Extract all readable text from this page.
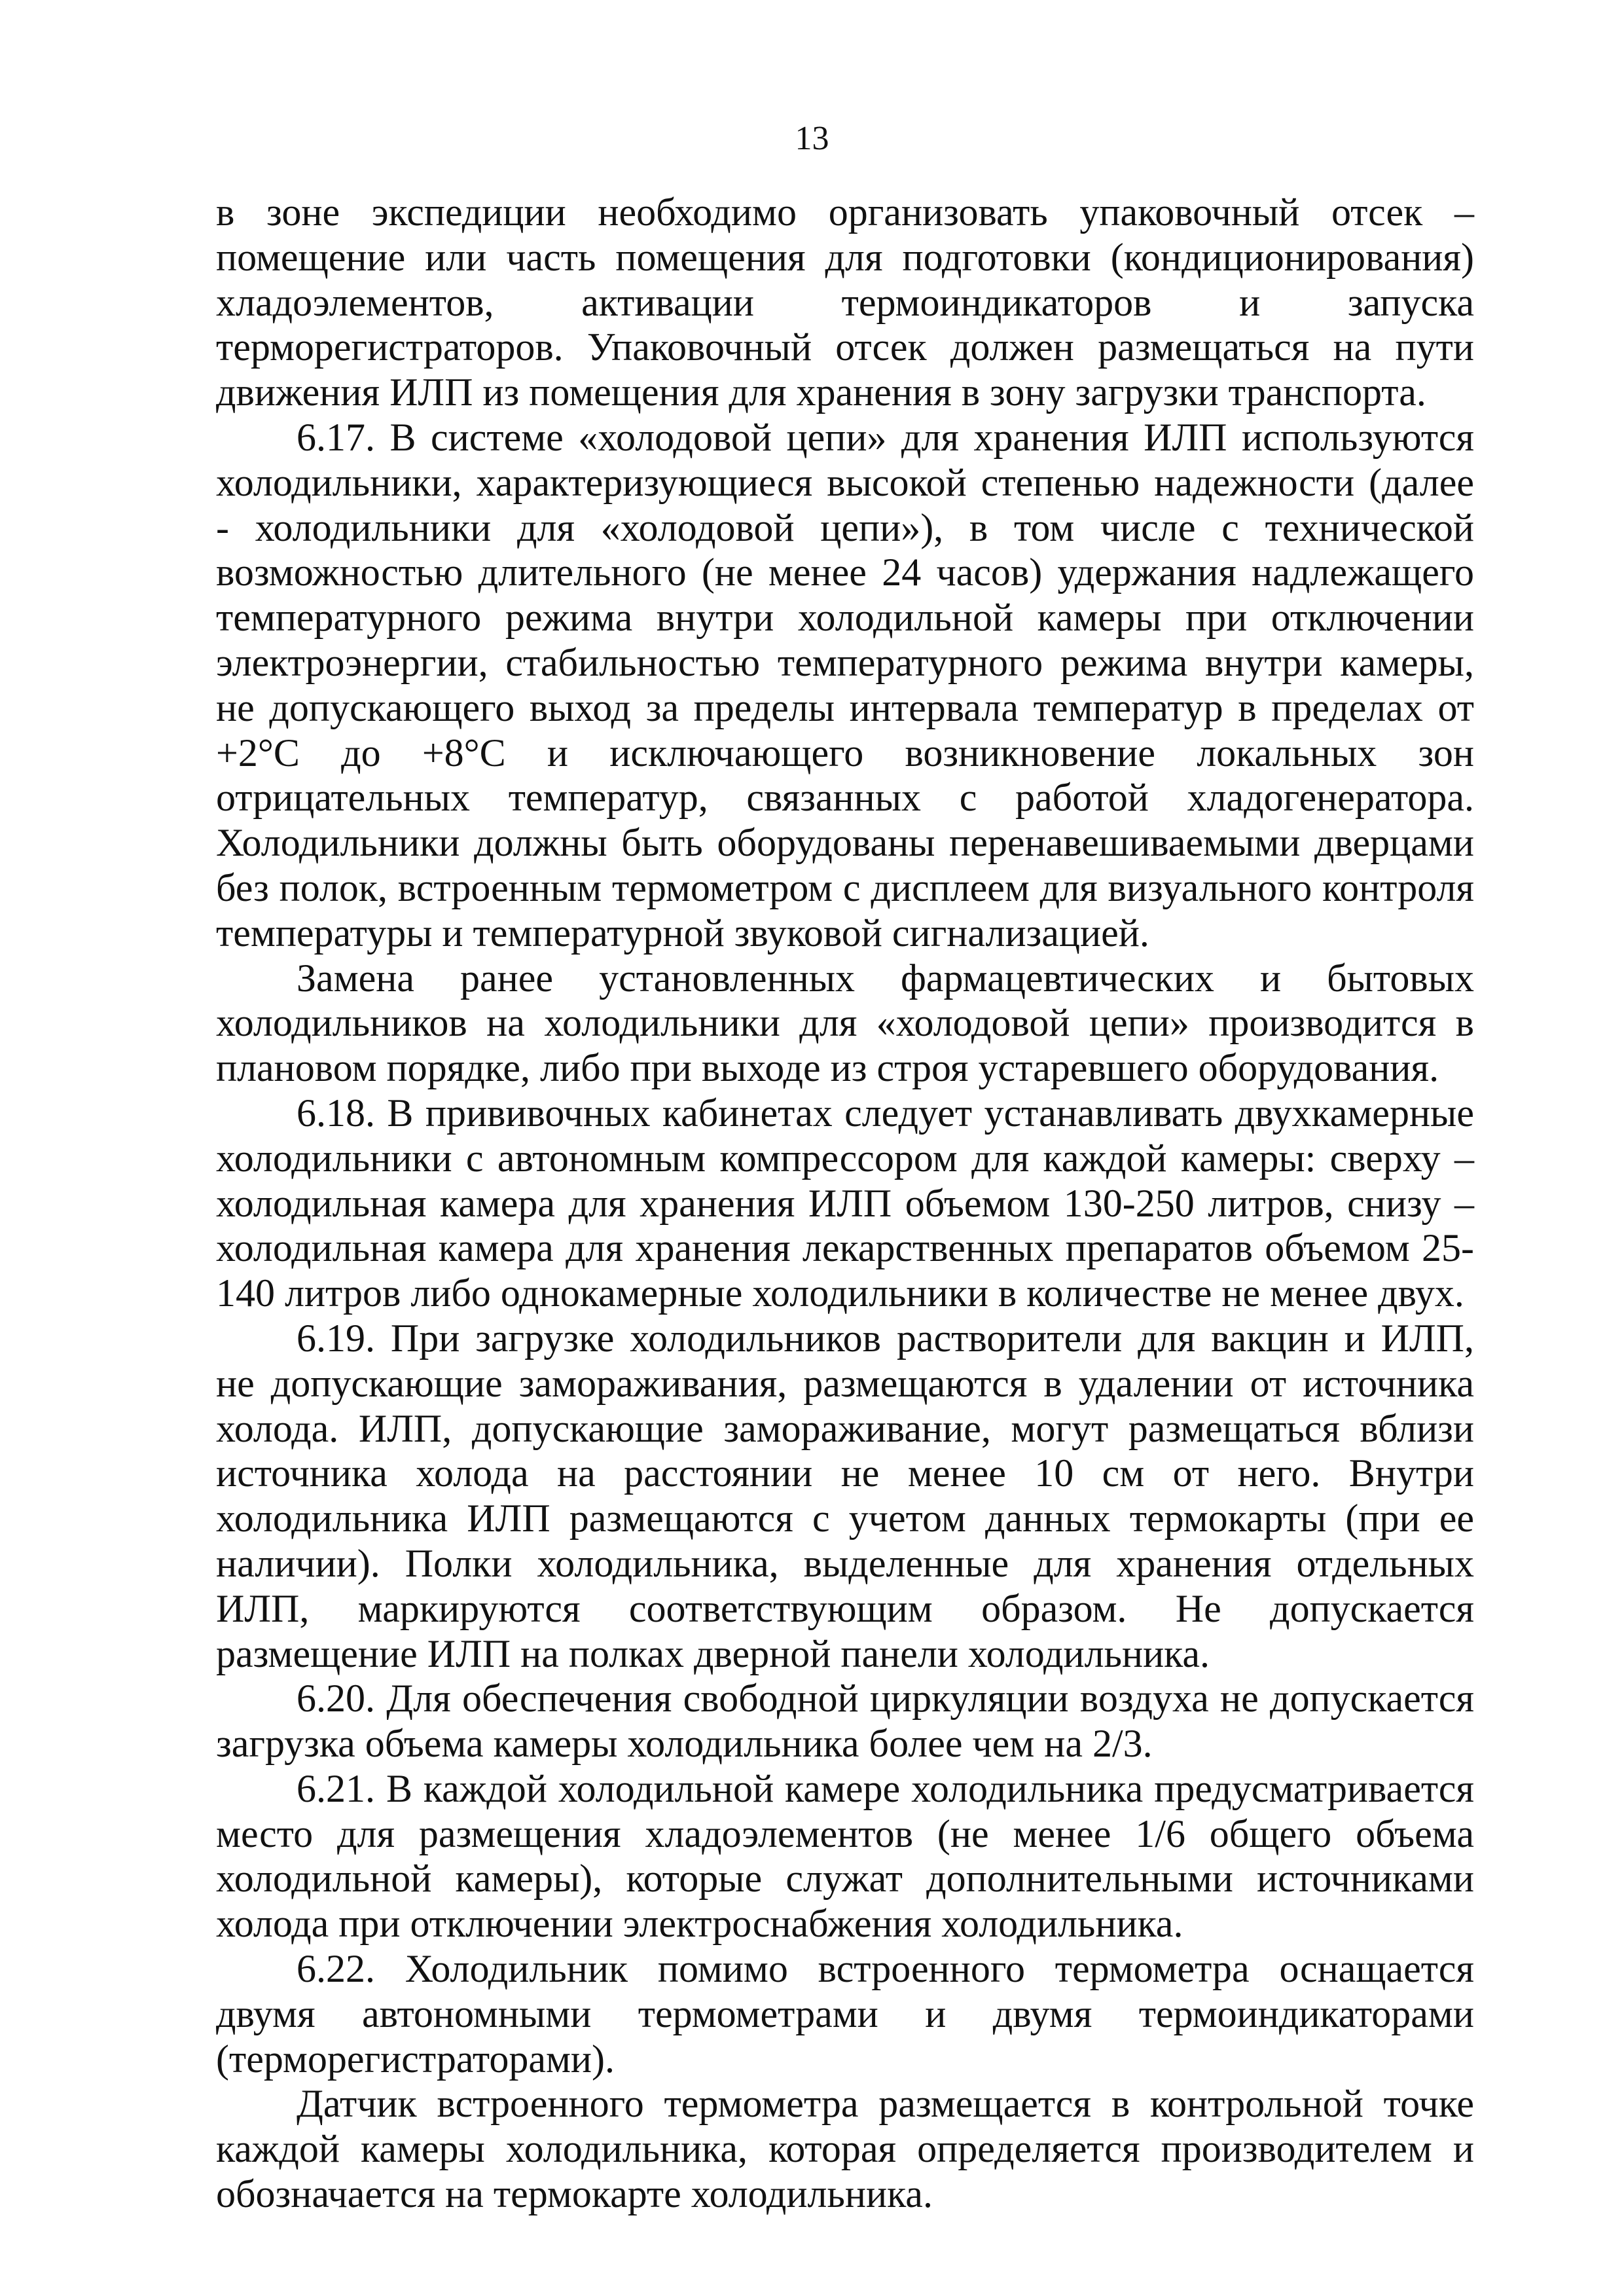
13

в зоне экспедиции необходимо организовать упаковочный отсек – помещение или часть помещения для подготовки (кондиционирования) хладоэлементов, активации термоиндикаторов и запуска терморегистраторов. Упаковочный отсек должен размещаться на пути движения ИЛП из помещения для хранения в зону загрузки транспорта.

6.17. В системе «холодовой цепи» для хранения ИЛП используются холодильники, характеризующиеся высокой степенью надежности (далее - холодильники для «холодовой цепи»), в том числе с технической возможностью длительного (не менее 24 часов) удержания надлежащего температурного режима внутри холодильной камеры при отключении электроэнергии, стабильностью температурного режима внутри камеры, не допускающего выход за пределы интервала температур в пределах от +2°С до +8°С и исключающего возникновение локальных зон отрицательных температур, связанных с работой хладогенератора. Холодильники должны быть оборудованы перенавешиваемыми дверцами без полок, встроенным термометром с дисплеем для визуального контроля температуры и температурной звуковой сигнализацией.

Замена ранее установленных фармацевтических и бытовых холодильников на холодильники для «холодовой цепи» производится в плановом порядке, либо при выходе из строя устаревшего оборудования.

6.18. В прививочных кабинетах следует устанавливать двухкамерные холодильники с автономным компрессором для каждой камеры: сверху – холодильная камера для хранения ИЛП объемом 130-250 литров, снизу – холодильная камера для хранения лекарственных препаратов объемом 25-140 литров либо однокамерные холодильники в количестве не менее двух.

6.19. При загрузке холодильников растворители для вакцин и ИЛП, не допускающие замораживания, размещаются в удалении от источника холода. ИЛП, допускающие замораживание, могут размещаться вблизи источника холода на расстоянии не менее 10 см от него. Внутри холодильника ИЛП размещаются с учетом данных термокарты (при ее наличии). Полки холодильника, выделенные для хранения отдельных ИЛП, маркируются соответствующим образом. Не допускается размещение ИЛП на полках дверной панели холодильника.

6.20. Для обеспечения свободной циркуляции воздуха не допускается загрузка объема камеры холодильника более чем на 2/3.

6.21. В каждой холодильной камере холодильника предусматривается место для размещения хладоэлементов (не менее 1/6 общего объема холодильной камеры), которые служат дополнительными источниками холода при отключении электроснабжения холодильника.

6.22. Холодильник помимо встроенного термометра оснащается двумя автономными термометрами и двумя термоиндикаторами (терморегистраторами).

Датчик встроенного термометра размещается в контрольной точке каждой камеры холодильника, которая определяется производителем и обозначается на термокарте холодильника.
